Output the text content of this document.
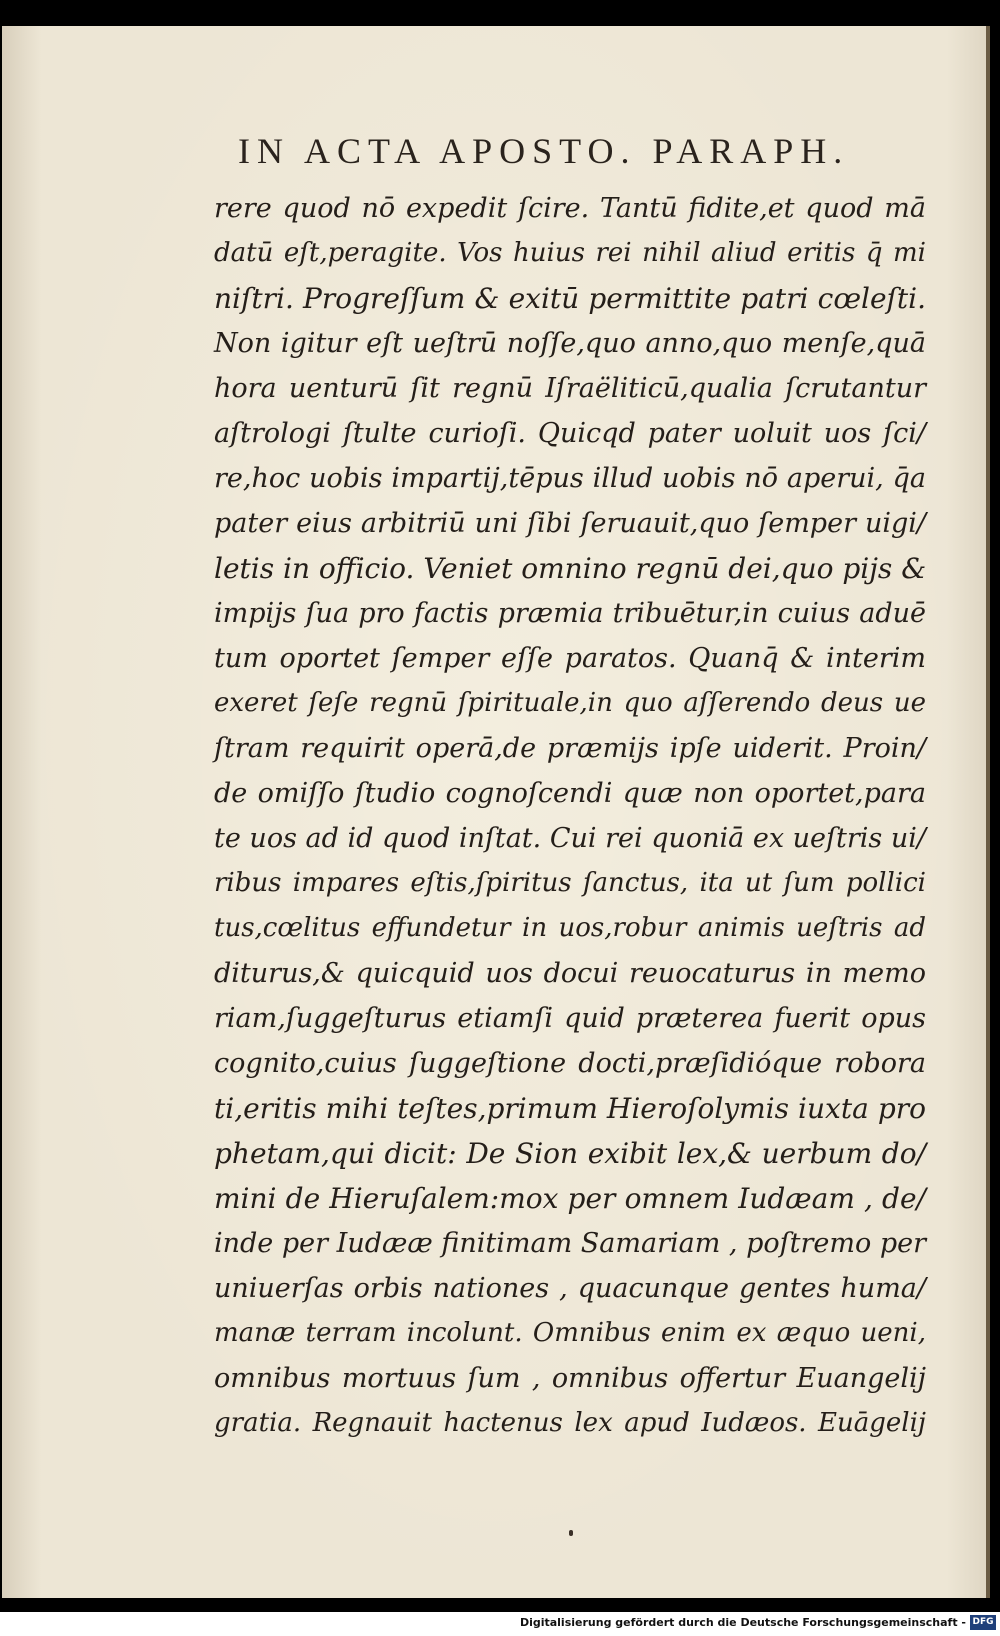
IN ACTA APOSTO. PARAPH.
rere quod nō expedit ſcire. Tantū fidite,et quod mā
datū eſt,peragite. Vos huius rei nihil aliud eritis q̄ mi
niſtri. Progreſſum & exitū permittite patri cœleſti.
Non igitur eſt ueſtrū noſſe,quo anno,quo menſe,quā
hora uenturū ſit regnū Iſraëliticū,qualia ſcrutantur
aſtrologi ſtulte curioſi. Quicqd pater uoluit uos ſci/
re,hoc uobis impartij,tēpus illud uobis nō aperui, q̄a
pater eius arbitriū uni ſibi ſeruauit,quo ſemper uigi/
letis in officio. Veniet omnino regnū dei,quo pijs &
impijs ſua pro factis præmia tribuētur,in cuius aduē
tum oportet ſemper eſſe paratos. Quanq̄ & interim
exeret ſeſe regnū ſpirituale,in quo aſſerendo deus ue
ſtram requirit operā,de præmijs ipſe uiderit. Proin/
de omiſſo ſtudio cognoſcendi quæ non oportet,para
te uos ad id quod inſtat. Cui rei quoniā ex ueſtris ui/
ribus impares eſtis,ſpiritus ſanctus, ita ut ſum pollici
tus,cœlitus effundetur in uos,robur animis ueſtris ad
diturus,& quicquid uos docui reuocaturus in memo
riam,ſuggeſturus etiamſi quid præterea fuerit opus
cognito,cuius ſuggeſtione docti,præſidióque robora
ti,eritis mihi teſtes,primum Hieroſolymis iuxta pro
phetam,qui dicit: De Sion exibit lex,& uerbum do/
mini de Hieruſalem:mox per omnem Iudæam , de/
inde per Iudææ finitimam Samariam , poſtremo per
uniuerſas orbis nationes , quacunque gentes huma/
manæ terram incolunt. Omnibus enim ex æquo ueni,
omnibus mortuus ſum , omnibus offertur Euangelij
gratia. Regnauit hactenus lex apud Iudæos. Euāgelij
Digitalisierung gefördert durch die Deutsche Forschungsgemeinschaft - DFG
